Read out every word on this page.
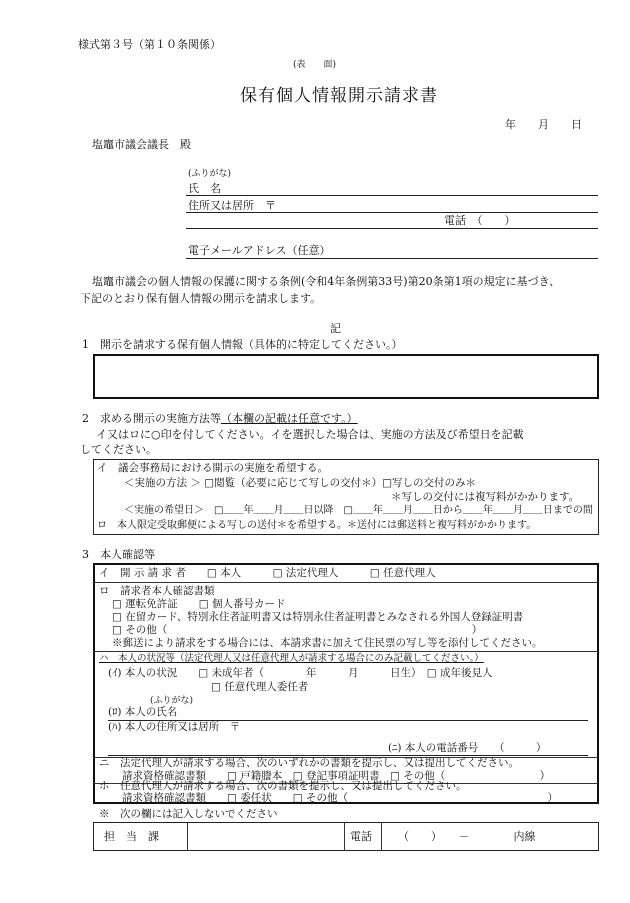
様式第３号（第１０条関係）
(表　　面)
保有個人情報開示請求書
年　　月　　日
塩竈市議会議長　殿
(ふりがな)
氏　名
住所又は居所　〒
電話　（　　）
電子メールアドレス（任意）
塩竈市議会の個人情報の保護に関する条例(令和4年条例第33号)第20条第1項の規定に基づき、
下記のとおり保有個人情報の開示を請求します。
記
1　開示を請求する保有個人情報（具体的に特定してください。）
2　求める開示の実施方法等（本欄の記載は任意です。）
イ又はロに○印を付してください。イを選択した場合は、実施の方法及び希望日を記載
してください。
イ　議会事務局における開示の実施を希望する。
＜実施の方法 ＞ □閲覧（必要に応じて写しの交付＊）□写しの交付のみ＊
＊写しの交付には複写料がかかります。
＜実施の希望日＞　□＿＿年＿＿月＿＿日以降　□＿＿年＿＿月＿＿日から＿＿年＿＿月＿＿日までの間
ロ　本人限定受取郵便による写しの送付＊を希望する。＊送付には郵送料と複写料がかかります。
3　本人確認等
イ　開 示 請 求 者　　□ 本人　　　□ 法定代理人　　　□ 任意代理人
ロ　請求者本人確認書類
□ 運転免許証　　□ 個人番号カード
□ 在留カード、特別永住者証明書又は特別永住者証明書とみなされる外国人登録証明書
□ その他（　　　　　　　　　　　　　　　　　　　　　　　　　　　　　）
※郵送により請求をする場合には、本請求書に加えて住民票の写し等を添付してください。
ハ　本人の状況等（法定代理人又は任意代理人が請求する場合にのみ記載してください。）
(ｲ) 本人の状況　　□ 未成年者（　　　　年　　　月　　　日生）　□ 成年後見人
□ 任意代理人委任者
(ふりがな)
(ﾛ) 本人の氏名
(ﾊ) 本人の住所又は居所　〒
(ﾆ) 本人の電話番号　　（　　　）
ニ　法定代理人が請求する場合、次のいずれかの書類を提示し、又は提出してください。
請求資格確認書類　　□ 戸籍謄本　□ 登記事項証明書　□ その他（　　　　　　　　　）
ホ　任意代理人が請求する場合、次の書類を提示し、又は提出してください。
請求資格確認書類　　□ 委任状　　□ その他（　　　　　　　　　　　　　　　　　　　）
※　次の欄には記入しないでください
担　当　課	電話 （　　）　　－　　　　内線
